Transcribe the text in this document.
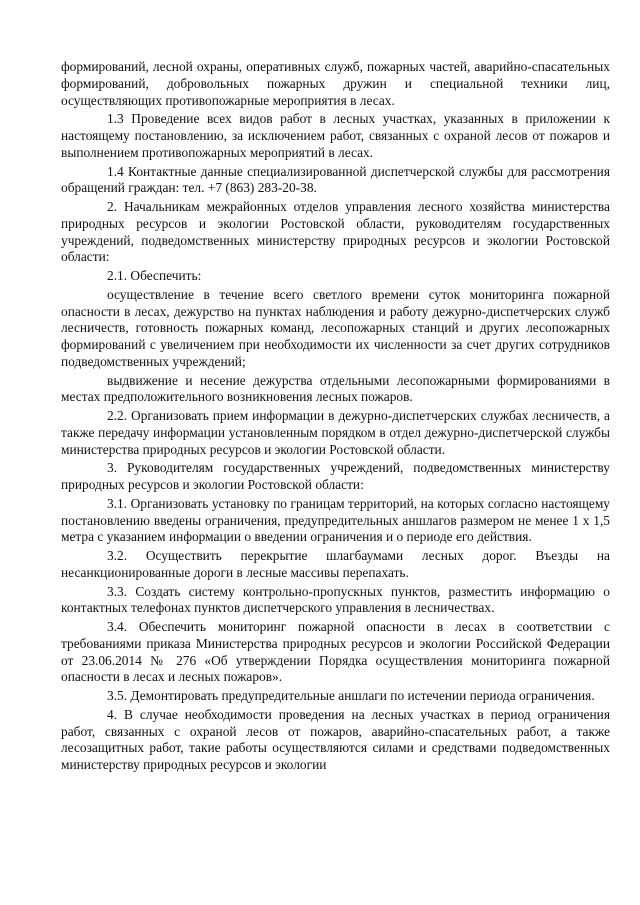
формирований, лесной охраны, оперативных служб, пожарных частей, аварийно-спасательных формирований, добровольных пожарных дружин и специальной техники лиц, осуществляющих противопожарные мероприятия в лесах.

1.3 Проведение всех видов работ в лесных участках, указанных в приложении к настоящему постановлению, за исключением работ, связанных с охраной лесов от пожаров и выполнением противопожарных мероприятий в лесах.

1.4 Контактные данные специализированной диспетчерской службы для рассмотрения обращений граждан: тел. +7 (863) 283-20-38.

2. Начальникам межрайонных отделов управления лесного хозяйства министерства природных ресурсов и экологии Ростовской области, руководителям государственных учреждений, подведомственных министерству природных ресурсов и экологии Ростовской области:

2.1. Обеспечить:

осуществление в течение всего светлого времени суток мониторинга пожарной опасности в лесах, дежурство на пунктах наблюдения и работу дежурно-диспетчерских служб лесничеств, готовность пожарных команд, лесопожарных станций и других лесопожарных формирований с увеличением при необходимости их численности за счет других сотрудников подведомственных учреждений;

выдвижение и несение дежурства отдельными лесопожарными формированиями в местах предположительного возникновения лесных пожаров.

2.2. Организовать прием информации в дежурно-диспетчерских службах лесничеств, а также передачу информации установленным порядком в отдел дежурно-диспетчерской службы министерства природных ресурсов и экологии Ростовской области.

3. Руководителям государственных учреждений, подведомственных министерству природных ресурсов и экологии Ростовской области:

3.1. Организовать установку по границам территорий, на которых согласно настоящему постановлению введены ограничения, предупредительных аншлагов размером не менее 1 х 1,5 метра с указанием информации о введении ограничения и о периоде его действия.

3.2. Осуществить перекрытие шлагбаумами лесных дорог. Въезды на несанкционированные дороги в лесные массивы перепахать.

3.3. Создать систему контрольно-пропускных пунктов, разместить информацию о контактных телефонах пунктов диспетчерского управления в лесничествах.

3.4. Обеспечить мониторинг пожарной опасности в лесах в соответствии с требованиями приказа Министерства природных ресурсов и экологии Российской Федерации от 23.06.2014 № 276 «Об утверждении Порядка осуществления мониторинга пожарной опасности в лесах и лесных пожаров».

3.5. Демонтировать предупредительные аншлаги по истечении периода ограничения.

4. В случае необходимости проведения на лесных участках в период ограничения работ, связанных с охраной лесов от пожаров, аварийно-спасательных работ, а также лесозащитных работ, такие работы осуществляются силами и средствами подведомственных министерству природных ресурсов и экологии
